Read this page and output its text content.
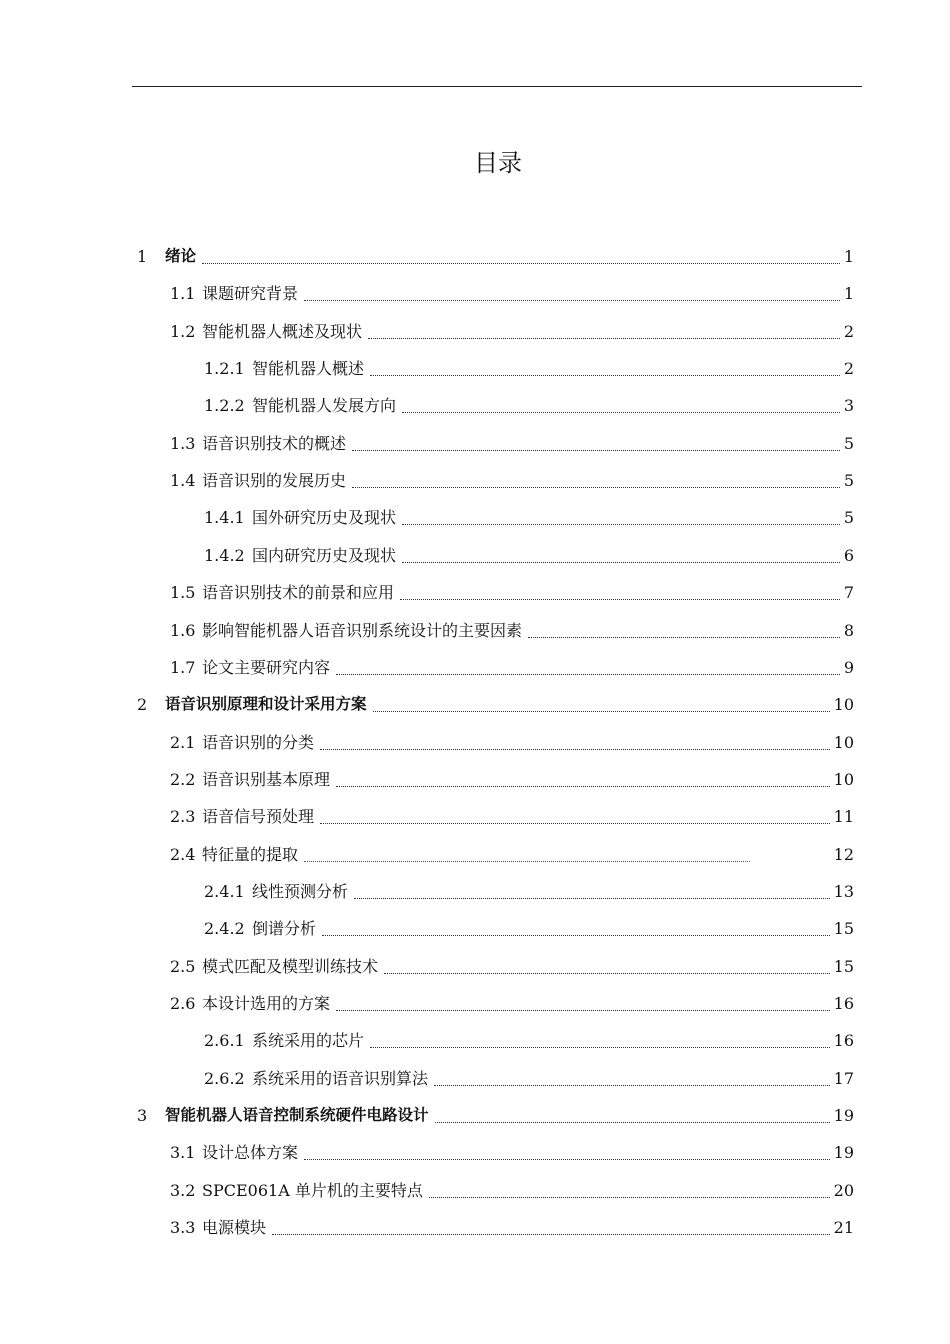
目录
1 绪论	1
1.1 课题研究背景	1
1.2 智能机器人概述及现状	2
1.2.1 智能机器人概述	2
1.2.2 智能机器人发展方向	3
1.3 语音识别技术的概述	5
1.4 语音识别的发展历史	5
1.4.1 国外研究历史及现状	5
1.4.2 国内研究历史及现状	6
1.5 语音识别技术的前景和应用	7
1.6 影响智能机器人语音识别系统设计的主要因素	8
1.7 论文主要研究内容	9
2 语音识别原理和设计采用方案	10
2.1 语音识别的分类	10
2.2 语音识别基本原理	10
2.3 语音信号预处理	11
2.4 特征量的提取	12
2.4.1 线性预测分析	13
2.4.2 倒谱分析	15
2.5 模式匹配及模型训练技术	15
2.6 本设计选用的方案	16
2.6.1 系统采用的芯片	16
2.6.2 系统采用的语音识别算法	17
3 智能机器人语音控制系统硬件电路设计	19
3.1 设计总体方案	19
3.2 SPCE061A 单片机的主要特点	20
3.3 电源模块	21
